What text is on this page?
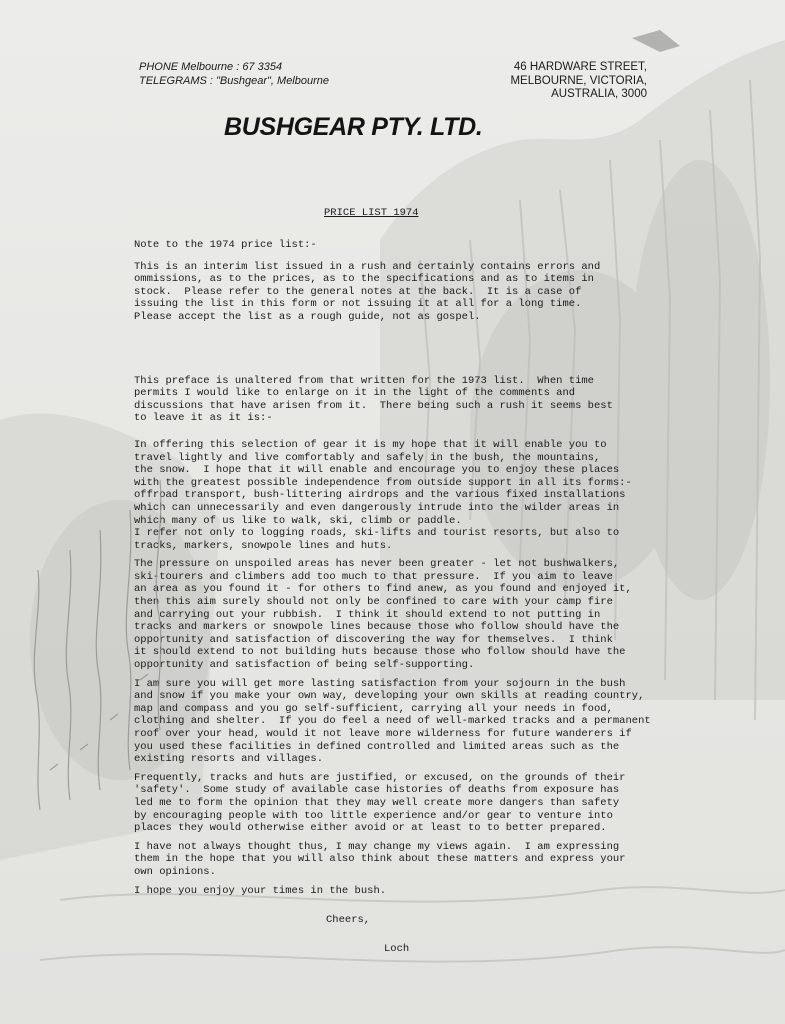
PHONE Melbourne : 67 3354
TELEGRAMS : "Bushgear", Melbourne
46 HARDWARE STREET,
MELBOURNE, VICTORIA,
AUSTRALIA, 3000
BUSHGEAR PTY. LTD.
PRICE LIST 1974

Note to the 1974 price list:-

This is an interim list issued in a rush and certainly contains errors and
ommissions, as to the prices, as to the specifications and as to items in
stock.  Please refer to the general notes at the back.  It is a case of
issuing the list in this form or not issuing it at all for a long time.
Please accept the list as a rough guide, not as gospel.

This preface is unaltered from that written for the 1973 list.  When time
permits I would like to enlarge on it in the light of the comments and
discussions that have arisen from it.  There being such a rush it seems best
to leave it as it is:-

In offering this selection of gear it is my hope that it will enable you to
travel lightly and live comfortably and safely in the bush, the mountains,
the snow.  I hope that it will enable and encourage you to enjoy these places
with the greatest possible independence from outside support in all its forms:-
offroad transport, bush-littering airdrops and the various fixed installations
which can unnecessarily and even dangerously intrude into the wilder areas in
which many of us like to walk, ski, climb or paddle.
I refer not only to logging roads, ski-lifts and tourist resorts, but also to
tracks, markers, snowpole lines and huts.

The pressure on unspoiled areas has never been greater - let not bushwalkers,
ski-tourers and climbers add too much to that pressure.  If you aim to leave
an area as you found it - for others to find anew, as you found and enjoyed it,
then this aim surely should not only be confined to care with your camp fire
and carrying out your rubbish.  I think it should extend to not putting in
tracks and markers or snowpole lines because those who follow should have the
opportunity and satisfaction of discovering the way for themselves.  I think
it should extend to not building huts because those who follow should have the
opportunity and satisfaction of being self-supporting.

I am sure you will get more lasting satisfaction from your sojourn in the bush
and snow if you make your own way, developing your own skills at reading country,
map and compass and you go self-sufficient, carrying all your needs in food,
clothing and shelter.  If you do feel a need of well-marked tracks and a permanent
roof over your head, would it not leave more wilderness for future wanderers if
you used these facilities in defined controlled and limited areas such as the
existing resorts and villages.

Frequently, tracks and huts are justified, or excused, on the grounds of their
'safety'.  Some study of available case histories of deaths from exposure has
led me to form the opinion that they may well create more dangers than safety
by encouraging people with too little experience and/or gear to venture into
places they would otherwise either avoid or at least to to better prepared.

I have not always thought thus, I may change my views again.  I am expressing
them in the hope that you will also think about these matters and express your
own opinions.

I hope you enjoy your times in the bush.

Cheers,

Loch
